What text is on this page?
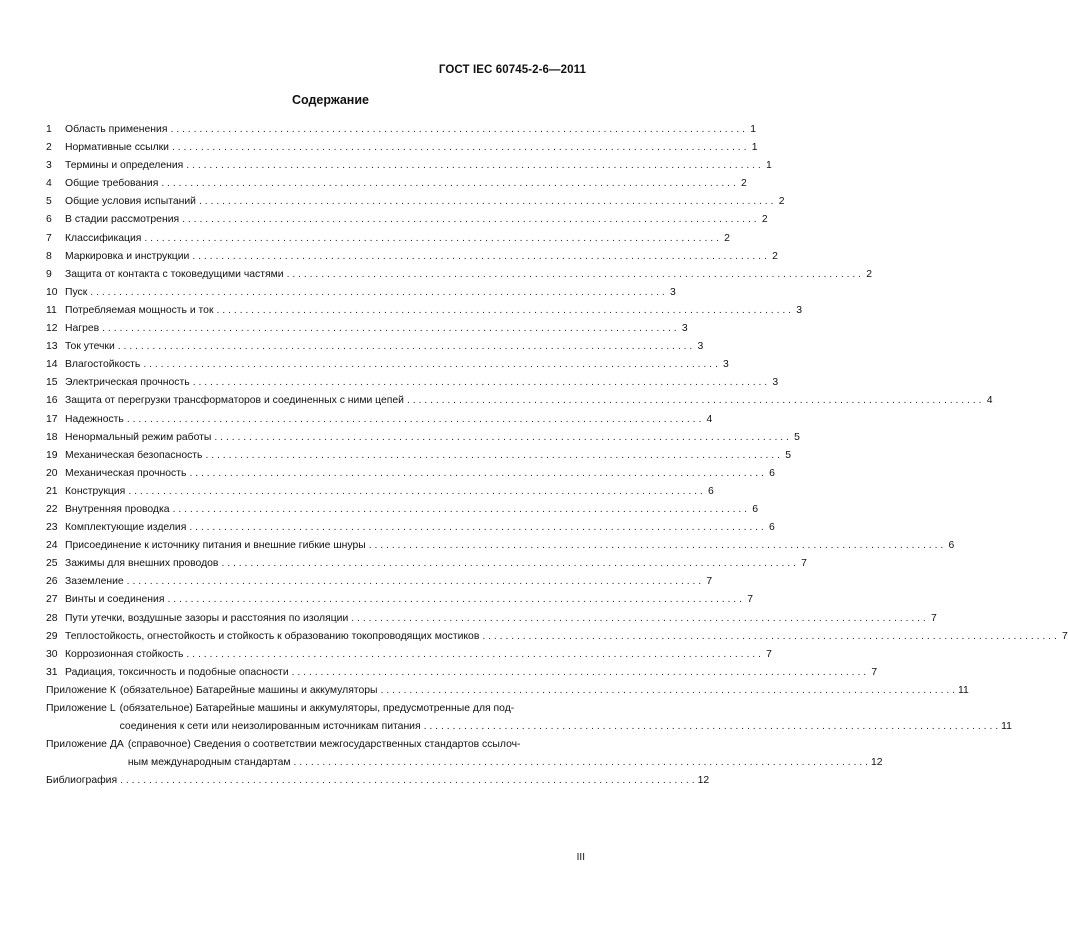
ГОСТ IEC 60745-2-6—2011
Содержание
1	Область применения . . .	1
2	Нормативные ссылки . . .	1
3	Термины и определения . . .	1
4	Общие требования . . .	2
5	Общие условия испытаний . . .	2
6	В стадии рассмотрения . . .	2
7	Классификация . . .	2
8	Маркировка и инструкции . . .	2
9	Защита от контакта с токоведущими частями . . .	2
10 Пуск . . .	3
11 Потребляемая мощность и ток . . .	3
12 Нагрев . . .	3
13 Ток утечки . . .	3
14 Влагостойкость . . .	3
15 Электрическая прочность . . .	3
16 Защита от перегрузки трансформаторов и соединенных с ними цепей . . .	4
17 Надежность . . .	4
18 Ненормальный режим работы . . .	5
19 Механическая безопасность . . .	5
20 Механическая прочность . . .	6
21 Конструкция . . .	6
22 Внутренняя проводка . . .	6
23 Комплектующие изделия . . .	6
24 Присоединение к источнику питания и внешние гибкие шнуры . . .	6
25 Зажимы для внешних проводов . . .	7
26 Заземление . . .	7
27 Винты и соединения . . .	7
28 Пути утечки, воздушные зазоры и расстояния по изоляции . . .	7
29 Теплостойкость, огнестойкость и стойкость к образованию токопроводящих мостиков . . .	7
30 Коррозионная стойкость . . .	7
31 Радиация, токсичность и подобные опасности . . .	7
Приложение К (обязательное) Батарейные машины и аккумуляторы . . .	11
Приложение L (обязательное) Батарейные машины и аккумуляторы, предусмотренные для под-
соединения к сети или неизолированным источникам питания . . .	11
Приложение ДА (справочное) Сведения о соответствии межгосударственных стандартов ссылоч-
ным международным стандартам . . .	12
Библиография . . .	12
III
